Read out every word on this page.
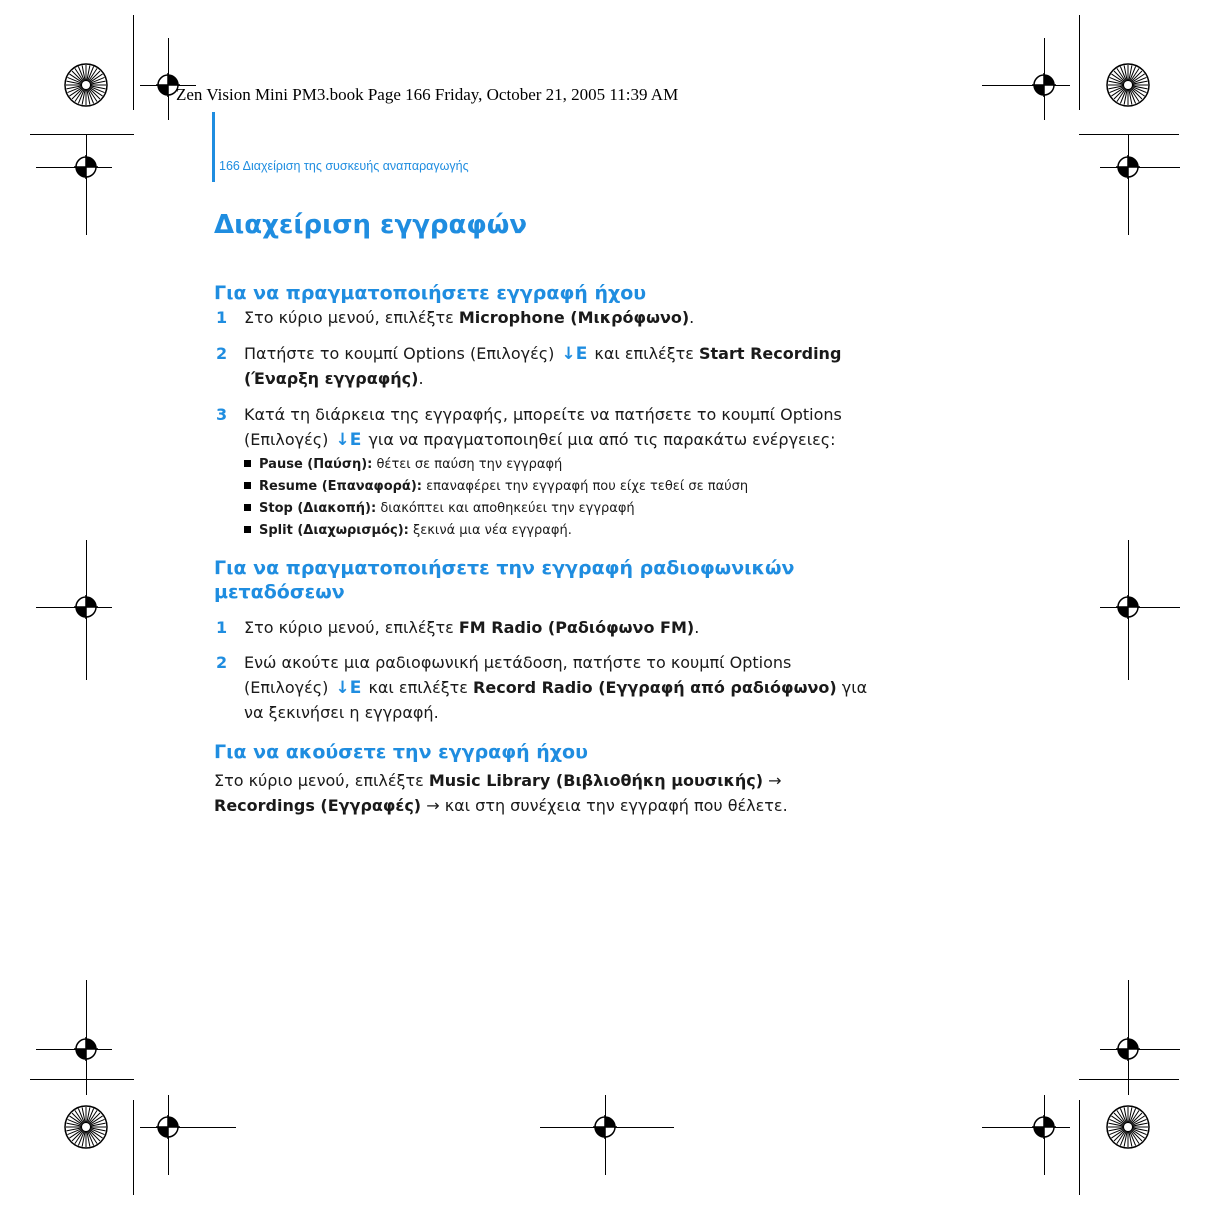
Zen Vision Mini PM3.book Page 166 Friday, October 21, 2005 11:39 AM
166 Διαχείριση της συσκευής αναπαραγωγής
Διαχείριση εγγραφών
Για να πραγματοποιήσετε εγγραφή ήχου
1 Στο κύριο μενού, επιλέξτε Microphone (Μικρόφωνο).
2 Πατήστε το κουμπί Options (Επιλογές) ↓E και επιλέξτε Start Recording
(Έναρξη εγγραφής).
3 Κατά τη διάρκεια της εγγραφής, μπορείτε να πατήσετε το κουμπί Options
(Επιλογές) ↓E για να πραγματοποιηθεί μια από τις παρακάτω ενέργειες:
Pause (Παύση): θέτει σε παύση την εγγραφή
Resume (Επαναφορά): επαναφέρει την εγγραφή που είχε τεθεί σε παύση
Stop (Διακοπή): διακόπτει και αποθηκεύει την εγγραφή
Split (Διαχωρισμός): ξεκινά μια νέα εγγραφή.
Για να πραγματοποιήσετε την εγγραφή ραδιοφωνικών
μεταδόσεων
1 Στο κύριο μενού, επιλέξτε FM Radio (Ραδιόφωνο FM).
2 Ενώ ακούτε μια ραδιοφωνική μετάδοση, πατήστε το κουμπί Options
(Επιλογές) ↓E και επιλέξτε Record Radio (Εγγραφή από ραδιόφωνο) για
να ξεκινήσει η εγγραφή.
Για να ακούσετε την εγγραφή ήχου
Στο κύριο μενού, επιλέξτε Music Library (Βιβλιοθήκη μουσικής) →
Recordings (Εγγραφές) → και στη συνέχεια την εγγραφή που θέλετε.
